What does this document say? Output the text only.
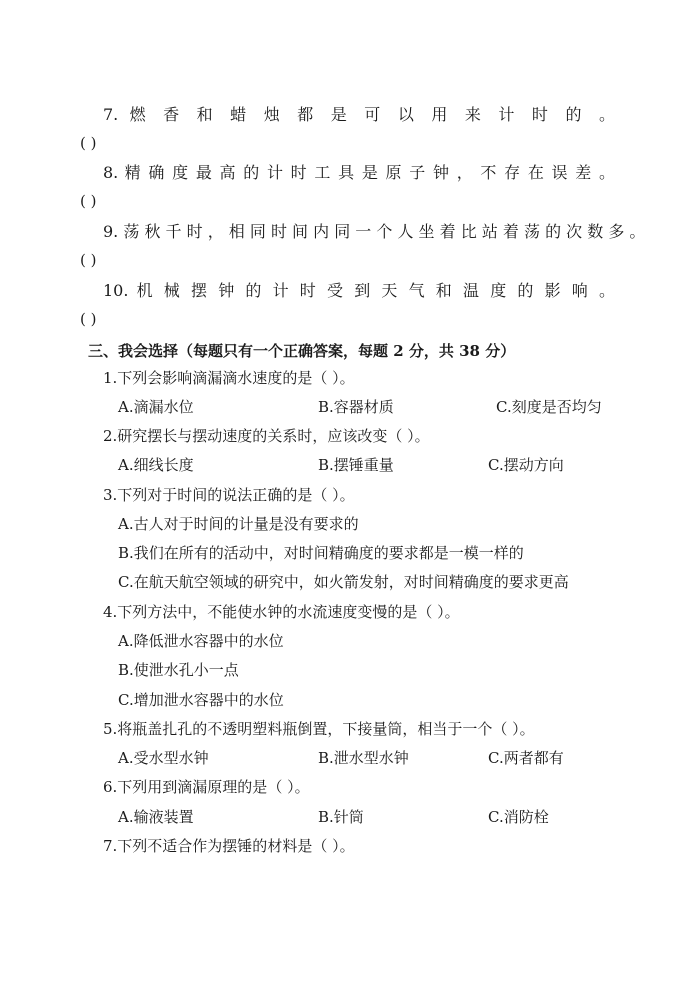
7. 燃 香 和 蜡 烛 都 是 可 以 用 来 计 时 的 。
( )
8. 精 确 度 最 高 的 计 时 工 具 是 原 子 钟 ， 不 存 在 误 差 。
( )
9. 荡 秋 千 时 ， 相 同 时 间 内 同 一 个 人 坐 着 比 站 着 荡 的 次 数 多 。
( )
10. 机 械 摆 钟 的 计 时 受 到 天 气 和 温 度 的 影 响 。
( )
三、我会选择（每题只有一个正确答案，每题 2 分，共 38 分）
1.下列会影响滴漏滴水速度的是（ ）。
A.滴漏水位	B.容器材质	C.刻度是否均匀
2.研究摆长与摆动速度的关系时，应该改变（ ）。
A.细线长度	B.摆锤重量	C.摆动方向
3.下列对于时间的说法正确的是（ ）。
A.古人对于时间的计量是没有要求的
B.我们在所有的活动中，对时间精确度的要求都是一模一样的
C.在航天航空领域的研究中，如火箭发射，对时间精确度的要求更高
4.下列方法中，不能使水钟的水流速度变慢的是（ ）。
A.降低泄水容器中的水位
B.使泄水孔小一点
C.增加泄水容器中的水位
5.将瓶盖扎孔的不透明塑料瓶倒置，下接量筒，相当于一个（ ）。
A.受水型水钟	B.泄水型水钟	C.两者都有
6.下列用到滴漏原理的是（ ）。
A.输液装置	B.针筒	C.消防栓
7.下列不适合作为摆锤的材料是（ ）。
